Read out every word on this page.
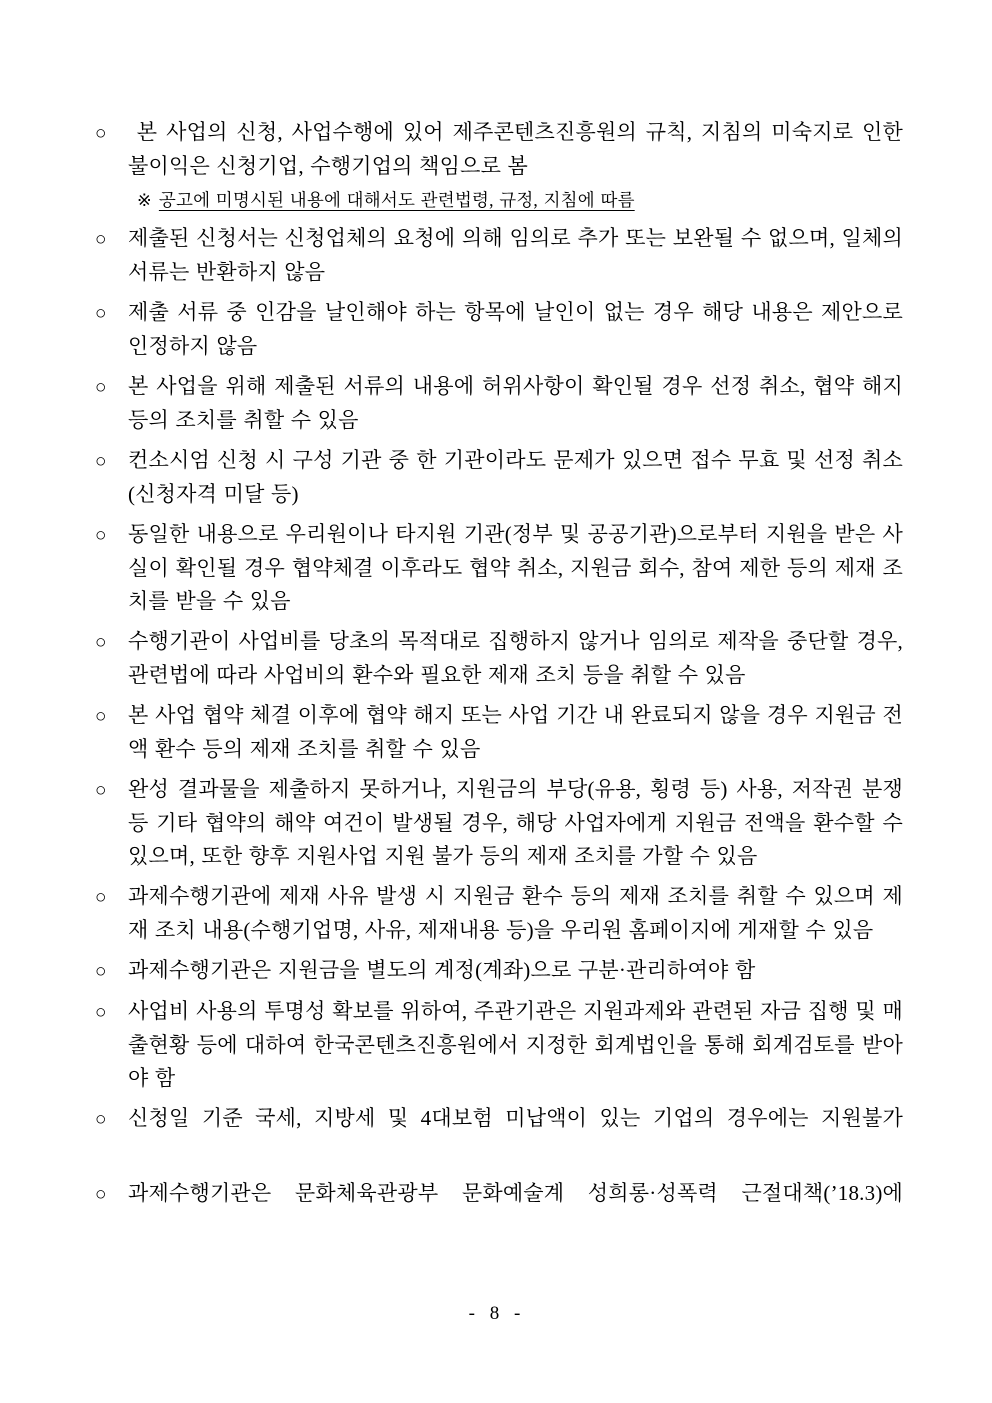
○ 본 사업의 신청, 사업수행에 있어 제주콘텐츠진흥원의 규칙, 지침의 미숙지로 인한 불이익은 신청기업, 수행기업의 책임으로 봄
※ 공고에 미명시된 내용에 대해서도 관련법령, 규정, 지침에 따름
○ 제출된 신청서는 신청업체의 요청에 의해 임의로 추가 또는 보완될 수 없으며, 일체의 서류는 반환하지 않음
○ 제출 서류 중 인감을 날인해야 하는 항목에 날인이 없는 경우 해당 내용은 제안으로 인정하지 않음
○ 본 사업을 위해 제출된 서류의 내용에 허위사항이 확인될 경우 선정 취소, 협약 해지 등의 조치를 취할 수 있음
○ 컨소시엄 신청 시 구성 기관 중 한 기관이라도 문제가 있으면 접수 무효 및 선정 취소(신청자격 미달 등)
○ 동일한 내용으로 우리원이나 타지원 기관(정부 및 공공기관)으로부터 지원을 받은 사실이 확인될 경우 협약체결 이후라도 협약 취소, 지원금 회수, 참여 제한 등의 제재 조치를 받을 수 있음
○ 수행기관이 사업비를 당초의 목적대로 집행하지 않거나 임의로 제작을 중단할 경우, 관련법에 따라 사업비의 환수와 필요한 제재 조치 등을 취할 수 있음
○ 본 사업 협약 체결 이후에 협약 해지 또는 사업 기간 내 완료되지 않을 경우 지원금 전액 환수 등의 제재 조치를 취할 수 있음
○ 완성 결과물을 제출하지 못하거나, 지원금의 부당(유용, 횡령 등) 사용, 저작권 분쟁 등 기타 협약의 해약 여건이 발생될 경우, 해당 사업자에게 지원금 전액을 환수할 수 있으며, 또한 향후 지원사업 지원 불가 등의 제재 조치를 가할 수 있음
○ 과제수행기관에 제재 사유 발생 시 지원금 환수 등의 제재 조치를 취할 수 있으며 제재 조치 내용(수행기업명, 사유, 제재내용 등)을 우리원 홈페이지에 게재할 수 있음
○ 과제수행기관은 지원금을 별도의 계정(계좌)으로 구분·관리하여야 함
○ 사업비 사용의 투명성 확보를 위하여, 주관기관은 지원과제와 관련된 자금 집행 및 매출현황 등에 대하여 한국콘텐츠진흥원에서 지정한 회계법인을 통해 회계검토를 받아야 함
○ 신청일 기준 국세, 지방세 및 4대보험 미납액이 있는 기업의 경우에는 지원불가
○ 과제수행기관은 문화체육관광부 문화예술계 성희롱·성폭력 근절대책(’18.3)에
- 8 -
